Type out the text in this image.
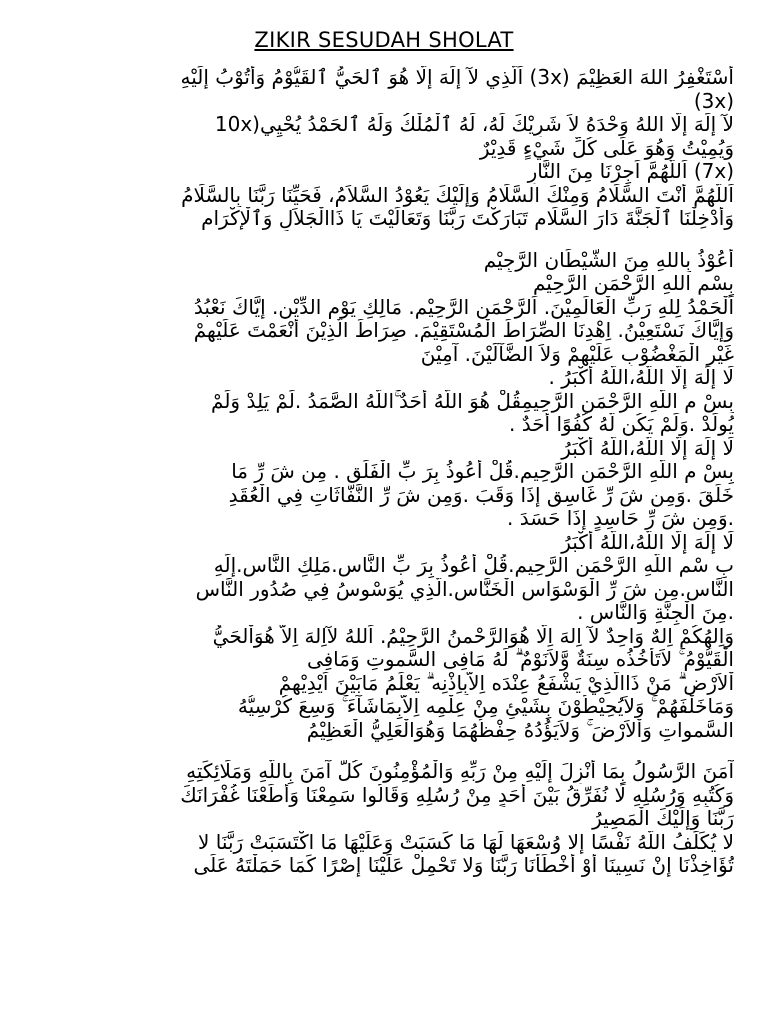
ZIKIR SESUDAH SHOLAT
أَسْتَغْفِرُ اللهَ العَظِيْمَ (3x) اَلَّذِي لآ إِلَهَ إِلَّا هُوَ ٱلحَيُّ ٱلقَيُّوْمُ وَأَتُوْبُ إِلَيْهِ
(3x)
لآ إِلَهَ إِلَّا اللهُ وَحْدَهُ لاَ شَرِيْكَ لَهُ، لَهُ ٱلْمُلْكُ وَلَهُ ٱلحَمْدُ يُحْيِي(10x
وَيُمِيْتُ وَهُوَ عَلَى كُلِّ شَيْءٍ قَدِيْرٌ
(7x) اَللّهُمَّ اَجِرْنَا مِنَ النَّارِ
اَللّهُمَّ أَنْتَ السَّلَامُ وَمِنْكَ السَّلَامُ وَإِلَيْكَ يَعُوْدُ السَّلاَمُ، فَحَيِّنَا رَبَّنَا بِالسَّلَامُ
وَأَدْخِلْنَا ٱلْجَنَّةَ دَارَ السَّلَامِ تَبَارَكْتَ رَبَّنَا وَتَعَالَيْتَ يَا ذَاالْجَلاَلِ وَٱلْإِكْرَامِ
أَعُوْذُ بِاللهِ مِنَ الشَّيْطَانِ الرَّجِيْمِ
بِسْمِ اللهِ الرَّحْمَنِ الرَّحِيْمِ
اَلْحَمْدُ لِلهِ رَبِّ الْعَالَمِيْنَ. اَلرَّحْمَنِ الرَّحِيْمِ. مَالِكِ يَوْمِ الدِّيْنِ. إِيَّاكَ نَعْبُدُ
وَإِيَّاكَ نَسْتَعِيْنُ. اِهْدِنَا الصِّرَاطَ الْمُسْتَقِيْمَ. صِرَاطَ الَّذِيْنَ أَنْعَمْتَ عَلَيْهِمْ
غَيْرِ الْمَغْضُوْبِ عَلَيْهِمْ وَلاَ الضَّآلِّيْنَ. آمِيْنَ
لَا إِلَهَ إِلَّا اللَّهُ،اللَّهُ أَكْبَرُ .
بِسْ مِ اللَّهِ الرَّحْمَنِ الرَّحِيمِقُلْ هُوَ اللَّهُ أَحَدٌ ۚاللَّهُ الصَّمَدُ .لَمْ يَلِدْ وَلَمْ
يُولَدْ .وَلَمْ يَكُن لَّهُ كُفُوًا أَحَدٌ .
لَا إِلَهَ إِلَّا اللَّهُ،اللَّهُ أَكْبَرُ
بِسْ مِ اللَّهِ الرَّحْمَنِ الرَّحِيمِ.قُلْ أَعُوذُ بِرَ بِّ الْفَلَقِ . مِن شَ رِّ مَا
خَلَقَ .وَمِن شَ رِّ غَاسِقٍ إِذَا وَقَبَ .وَمِن شَ رِّ النَّفَّاثَاتِ فِي الْعُقَدِ
.وَمِن شَ رِّ حَاسِدٍ إِذَا حَسَدَ .
لَا إِلَهَ إِلَّا اللَّهُ،اللَّهُ أَكْبَرُ
بِ سْمِ اللَّهِ الرَّحْمَنِ الرَّحِيمِ.قُلْ أَعُوذُ بِرَ بِّ النَّاسِ.مَلِكِ النَّاسِ.إِلَهِ
النَّاسِ.مِن شَ رِّ الْوَسْوَاسِ الْخَنَّاسِ.الَّذِي يُوَسْوِسُ فِي صُدُورِ النَّاسِ
.مِنَ الْجِنَّةِ وَالنَّاسِ .
وَاِلهُكُمْ اِلهٌ وَاحِدٌ لآ اِلهَ اِلَّا هُوَالرَّحْمنُ الرَّحِيْمُ. اَللهُ لآاِلهَ اِلاَّ هُوَاْلحَيُّ
الْقَيُّوْمُ ۚ لاَتَأْخُذُه سِنَةٌ وَّلاَنَوْمٌ ۗ لَهُ مَافِى السَّموتِ وَمَافِى
اْلاَرْضِ ۗ مَنْ ذَاالَّذِيْ يَشْفَعُ عِنْدَه اِلاَّبِاِذْنِه ۗ يَعْلَمُ مَابَيْنَ اَيْدِيْهِمْ
وَمَاخَلْفَهُمْ ۚ وَلاَيُحِيْطُوْنَ بِشَيْئٍ مِنْ عِلْمِه اِلاَّبِمَاشَآءَ ۚ وَسِعَ كُرْسِيُّهُ
السَّمواتِ وَاْلاَرْضَ ۚ وَلاَيَؤُدُهُ حِفْظُهُمَا وَهُوَالْعَلِيُّ الْعَظِيْمُ
آمَنَ الرَّسُولُ بِمَا أُنْزِلَ إِلَيْهِ مِنْ رَبِّهِ وَالْمُؤْمِنُونَ كُلٌّ آمَنَ بِاللَّهِ وَمَلَائِكَتِهِ
وَكُتُبِهِ وَرُسُلِهِ لَا نُفَرِّقُ بَيْنَ أَحَدٍ مِنْ رُسُلِهِ وَقَالُوا سَمِعْنَا وَأَطَعْنَا غُفْرَانَكَ
رَبَّنَا وَإِلَيْكَ الْمَصِيرُ
لا يُكَلِّفُ اللَّهُ نَفْسًا إِلا وُسْعَهَا لَهَا مَا كَسَبَتْ وَعَلَيْهَا مَا اكْتَسَبَتْ رَبَّنَا لا
تُؤَاخِذْنَا إِنْ نَسِينَا أَوْ أَخْطَأْنَا رَبَّنَا وَلا تَحْمِلْ عَلَيْنَا إِصْرًا كَمَا حَمَلْتَهُ عَلَى
